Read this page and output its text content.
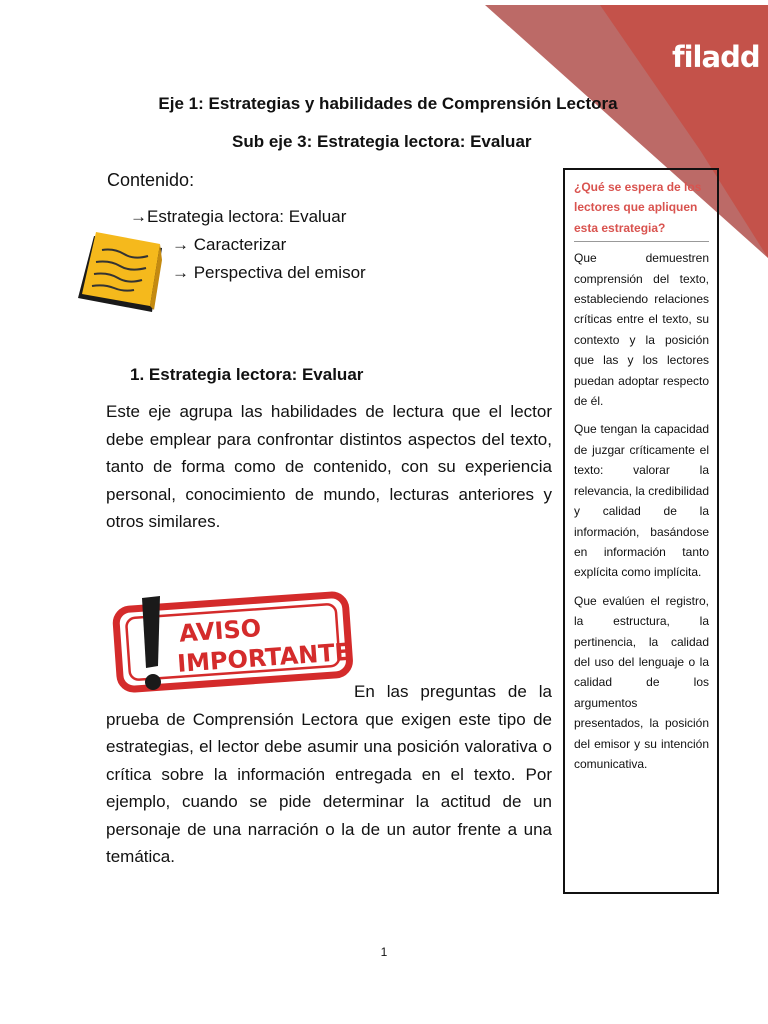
filadd
Eje 1: Estrategias y habilidades de Comprensión Lectora
Sub eje 3: Estrategia lectora: Evaluar
Contenido:
→Estrategia lectora: Evaluar
→ Caracterizar
→ Perspectiva del emisor
1. Estrategia lectora: Evaluar
Este eje agrupa las habilidades de lectura que el lector debe emplear para confrontar distintos aspectos del texto, tanto de forma como de contenido, con su experiencia personal, conocimiento de mundo, lecturas anteriores y otros similares.
AVISO
IMPORTANTE
En las preguntas de la prueba de Comprensión Lectora que exigen este tipo de estrategias, el lector debe asumir una posición valorativa o crítica sobre la información entregada en el texto. Por ejemplo, cuando se pide determinar la actitud de un personaje de una narración o la de un autor frente a una temática.

¿Qué se espera de los lectores que apliquen esta estrategia?

Que demuestren comprensión del texto, estableciendo relaciones críticas entre el texto, su contexto y la posición que las y los lectores puedan adoptar respecto de él.

Que tengan la capacidad de juzgar críticamente el texto: valorar la relevancia, la credibilidad y calidad de la información, basándose en información tanto explícita como implícita.

Que evalúen el registro, la estructura, la pertinencia, la calidad del uso del lenguaje o la calidad de los argumentos presentados, la posición del emisor y su intención comunicativa.

1
